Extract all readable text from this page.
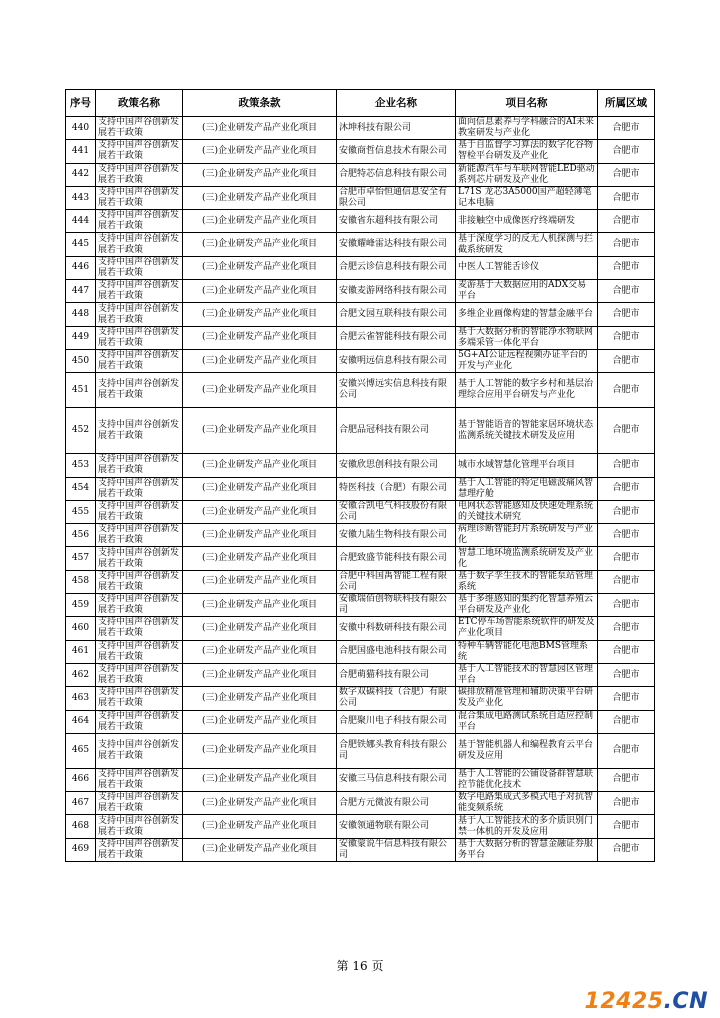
序号	政策名称	政策条款	企业名称	项目名称	所属区域
440	支持中国声谷创新发展若干政策	(三)企业研发产品产业化项目	沐坤科技有限公司	面向信息素养与学科融合的AI未来教室研发与产业化	合肥市
441	支持中国声谷创新发展若干政策	(三)企业研发产品产业化项目	安徽商哲信息技术有限公司	基于自监督学习算法的数字化谷物智检平台研发及产业化	合肥市
442	支持中国声谷创新发展若干政策	(三)企业研发产品产业化项目	合肥特芯信息科技有限公司	新能源汽车与车联网智能LED驱动系列芯片研发及产业化	合肥市
443	支持中国声谷创新发展若干政策	(三)企业研发产品产业化项目	合肥市卓怡恒通信息安全有限公司	L71S 龙芯3A5000国产超轻薄笔记本电脑	合肥市
444	支持中国声谷创新发展若干政策	(三)企业研发产品产业化项目	安徽省东超科技有限公司	非接触空中成像医疗终端研发	合肥市
445	支持中国声谷创新发展若干政策	(三)企业研发产品产业化项目	安徽耀峰雷达科技有限公司	基于深度学习的反无人机探测与拦截系统研发	合肥市
446	支持中国声谷创新发展若干政策	(三)企业研发产品产业化项目	合肥云诊信息科技有限公司	中医人工智能舌诊仪	合肥市
447	支持中国声谷创新发展若干政策	(三)企业研发产品产业化项目	安徽麦游网络科技有限公司	麦游基于大数据应用的ADX交易平台	合肥市
448	支持中国声谷创新发展若干政策	(三)企业研发产品产业化项目	合肥文园互联科技有限公司	多维企业画像构建的智慧金融平台	合肥市
449	支持中国声谷创新发展若干政策	(三)企业研发产品产业化项目	合肥云雀智能科技有限公司	基于大数据分析的智能净水物联网多端采管一体化平台	合肥市
450	支持中国声谷创新发展若干政策	(三)企业研发产品产业化项目	安徽明远信息科技有限公司	5G+AI公证远程视频办证平台的开发与产业化	合肥市
451	支持中国声谷创新发展若干政策	(三)企业研发产品产业化项目	安徽兴博远实信息科技有限公司	基于人工智能的数字乡村和基层治理综合应用平台研发与产业化	合肥市
452	支持中国声谷创新发展若干政策	(三)企业研发产品产业化项目	合肥品冠科技有限公司	基于智能语音的智能家居环境状态监测系统关键技术研发及应用	合肥市
453	支持中国声谷创新发展若干政策	(三)企业研发产品产业化项目	安徽欣思创科技有限公司	城市水域智慧化管理平台项目	合肥市
454	支持中国声谷创新发展若干政策	(三)企业研发产品产业化项目	特医科技（合肥）有限公司	基于人工智能的特定电磁波痛风智慧理疗舱	合肥市
455	支持中国声谷创新发展若干政策	(三)企业研发产品产业化项目	安徽合凯电气科技股份有限公司	电网状态智能感知及快速处理系统的关键技术研究	合肥市
456	支持中国声谷创新发展若干政策	(三)企业研发产品产业化项目	安徽九陆生物科技有限公司	病理诊断智能封片系统研发与产业化	合肥市
457	支持中国声谷创新发展若干政策	(三)企业研发产品产业化项目	合肥致盛节能科技有限公司	智慧工地环境监测系统研发及产业化	合肥市
458	支持中国声谷创新发展若干政策	(三)企业研发产品产业化项目	合肥中科国禹智能工程有限公司	基于数字孪生技术的智能泵站管理系统	合肥市
459	支持中国声谷创新发展若干政策	(三)企业研发产品产业化项目	安徽瑞佰创物联科技有限公司	基于多维感知的集约化智慧养殖云平台研发及产业化	合肥市
460	支持中国声谷创新发展若干政策	(三)企业研发产品产业化项目	安徽中科数研科技有限公司	ETC停车场智能系统软件的研发及产业化项目	合肥市
461	支持中国声谷创新发展若干政策	(三)企业研发产品产业化项目	合肥国盛电池科技有限公司	特种车辆智能化电池BMS管理系统	合肥市
462	支持中国声谷创新发展若干政策	(三)企业研发产品产业化项目	合肥萌猫科技有限公司	基于人工智能技术的智慧园区管理平台	合肥市
463	支持中国声谷创新发展若干政策	(三)企业研发产品产业化项目	数字双碳科技（合肥）有限公司	碳排放精准管理和辅助决策平台研发及产业化	合肥市
464	支持中国声谷创新发展若干政策	(三)企业研发产品产业化项目	合肥聚川电子科技有限公司	混合集成电路测试系统自适应控制平台	合肥市
465	支持中国声谷创新发展若干政策	(三)企业研发产品产业化项目	合肥铁娜头教育科技有限公司	基于智能机器人和编程教育云平台研发及应用	合肥市
466	支持中国声谷创新发展若干政策	(三)企业研发产品产业化项目	安徽三马信息科技有限公司	基于人工智能的公铺设备群智慧联控节能优化技术	合肥市
467	支持中国声谷创新发展若干政策	(三)企业研发产品产业化项目	合肥方元微波有限公司	数字电路集成式多模式电子对抗智能变频系统	合肥市
468	支持中国声谷创新发展若干政策	(三)企业研发产品产业化项目	安徽领通物联有限公司	基于人工智能技术的多介质识别门禁一体机的开发及应用	合肥市
469	支持中国声谷创新发展若干政策	(三)企业研发产品产业化项目	安徽蒙说牛信息科技有限公司	基于大数据分析的智慧金融证券服务平台	合肥市
第 16 页
12425.CN
